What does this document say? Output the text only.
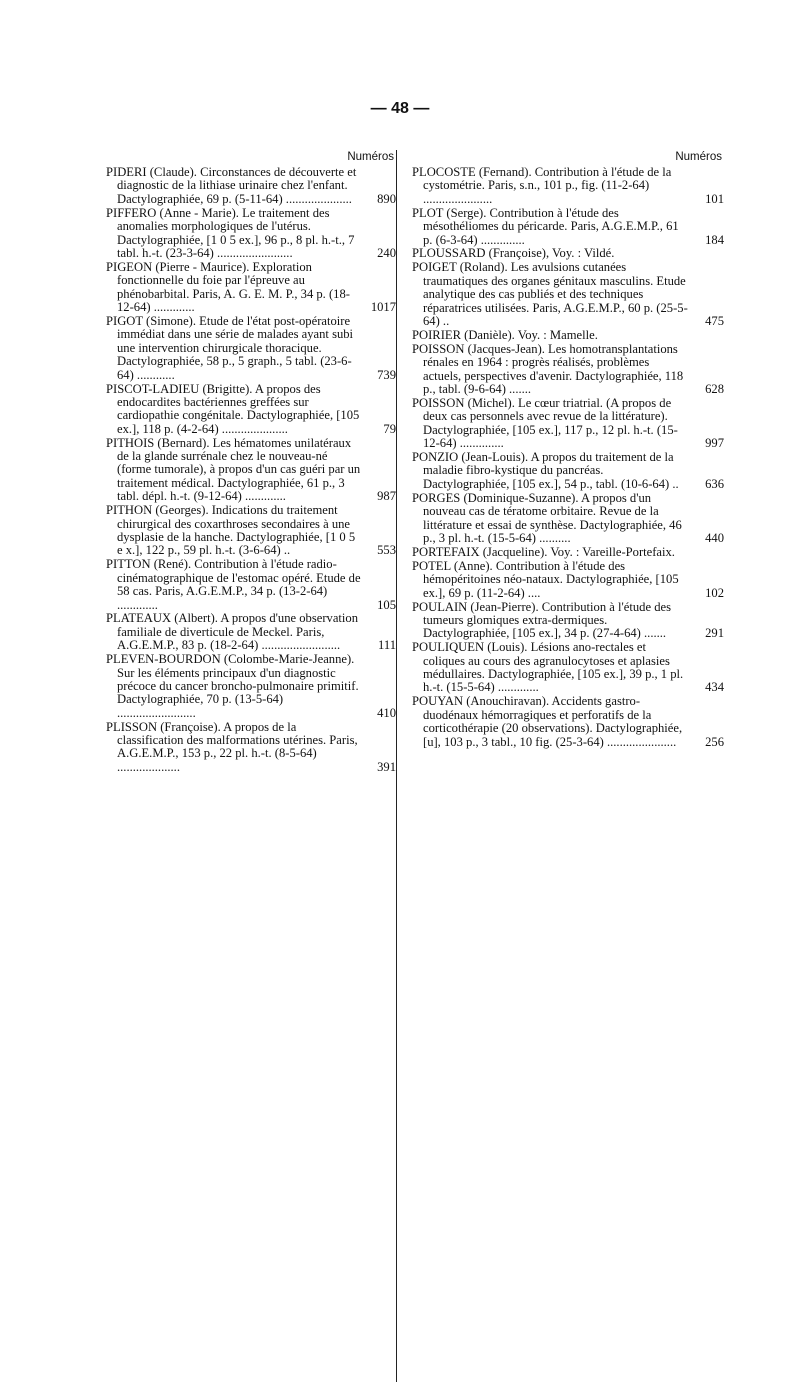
— 48 —
Numéros
PIDERI (Claude). Circonstances de découverte et diagnostic de la lithiase urinaire chez l'enfant. Dactylographiée, 69 p. (5-11-64) .....................	890
PIFFERO (Anne - Marie). Le traitement des anomalies morphologiques de l'utérus. Dactylographiée, [1 0 5 ex.], 96 p., 8 pl. h.-t., 7 tabl. h.-t. (23-3-64) ........................	240
PIGEON (Pierre - Maurice). Exploration fonctionnelle du foie par l'épreuve au phénobarbital. Paris, A. G. E. M. P., 34 p. (18-12-64) .............	1017
PIGOT (Simone). Etude de l'état post-opératoire immédiat dans une série de malades ayant subi une intervention chirurgicale thoracique. Dactylographiée, 58 p., 5 graph., 5 tabl. (23-6-64) ............	739
PISCOT-LADIEU (Brigitte). A propos des endocardites bactériennes greffées sur cardiopathie congénitale. Dactylographiée, [105 ex.], 118 p. (4-2-64) .....................	79
PITHOIS (Bernard). Les hématomes unilatéraux de la glande surrénale chez le nouveau-né (forme tumorale), à propos d'un cas guéri par un traitement médical. Dactylographiée, 61 p., 3 tabl. dépl. h.-t. (9-12-64) .............	987
PITHON (Georges). Indications du traitement chirurgical des coxarthroses secondaires à une dysplasie de la hanche. Dactylographiée, [1 0 5 e x.], 122 p., 59 pl. h.-t. (3-6-64) ..	553
PITTON (René). Contribution à l'étude radio-cinématographique de l'estomac opéré. Etude de 58 cas. Paris, A.G.E.M.P., 34 p. (13-2-64) .............	105
PLATEAUX (Albert). A propos d'une observation familiale de diverticule de Meckel. Paris, A.G.E.M.P., 83 p. (18-2-64) .........................	111
PLEVEN-BOURDON (Colombe-Marie-Jeanne). Sur les éléments principaux d'un diagnostic précoce du cancer broncho-pulmonaire primitif. Dactylographiée, 70 p. (13-5-64) .........................	410
PLISSON (Françoise). A propos de la classification des malformations utérines. Paris, A.G.E.M.P., 153 p., 22 pl. h.-t. (8-5-64) ....................	391
Numéros
PLOCOSTE (Fernand). Contribution à l'étude de la cystométrie. Paris, s.n., 101 p., fig. (11-2-64) ......................	101
PLOT (Serge). Contribution à l'étude des mésothéliomes du péricarde. Paris, A.G.E.M.P., 61 p. (6-3-64) ..............	184
PLOUSSARD (Françoise), Voy. : Vildé.
POIGET (Roland). Les avulsions cutanées traumatiques des organes génitaux masculins. Etude analytique des cas publiés et des techniques réparatrices utilisées. Paris, A.G.E.M.P., 60 p. (25-5-64) ..	475
POIRIER (Danièle). Voy. : Mamelle.
POISSON (Jacques-Jean). Les homotransplantations rénales en 1964 : progrès réalisés, problèmes actuels, perspectives d'avenir. Dactylographiée, 118 p., tabl. (9-6-64) .......	628
POISSON (Michel). Le cœur triatrial. (A propos de deux cas personnels avec revue de la littérature). Dactylographiée, [105 ex.], 117 p., 12 pl. h.-t. (15-12-64) ..............	997
PONZIO (Jean-Louis). A propos du traitement de la maladie fibro-kystique du pancréas. Dactylographiée, [105 ex.], 54 p., tabl. (10-6-64) ..	636
PORGES (Dominique-Suzanne). A propos d'un nouveau cas de tératome orbitaire. Revue de la littérature et essai de synthèse. Dactylographiée, 46 p., 3 pl. h.-t. (15-5-64) ..........	440
PORTEFAIX (Jacqueline). Voy. : Vareille-Portefaix.
POTEL (Anne). Contribution à l'étude des hémopéritoines néo-nataux. Dactylographiée, [105 ex.], 69 p. (11-2-64) ....	102
POULAIN (Jean-Pierre). Contribution à l'étude des tumeurs glomiques extra-dermiques. Dactylographiée, [105 ex.], 34 p. (27-4-64) .......	291
POULIQUEN (Louis). Lésions ano-rectales et coliques au cours des agranulocytoses et aplasies médullaires. Dactylographiée, [105 ex.], 39 p., 1 pl. h.-t. (15-5-64) .............	434
POUYAN (Anouchiravan). Accidents gastro-duodénaux hémorragiques et perforatifs de la corticothérapie (20 observations). Dactylographiée, [u], 103 p., 3 tabl., 10 fig. (25-3-64) ......................	256
